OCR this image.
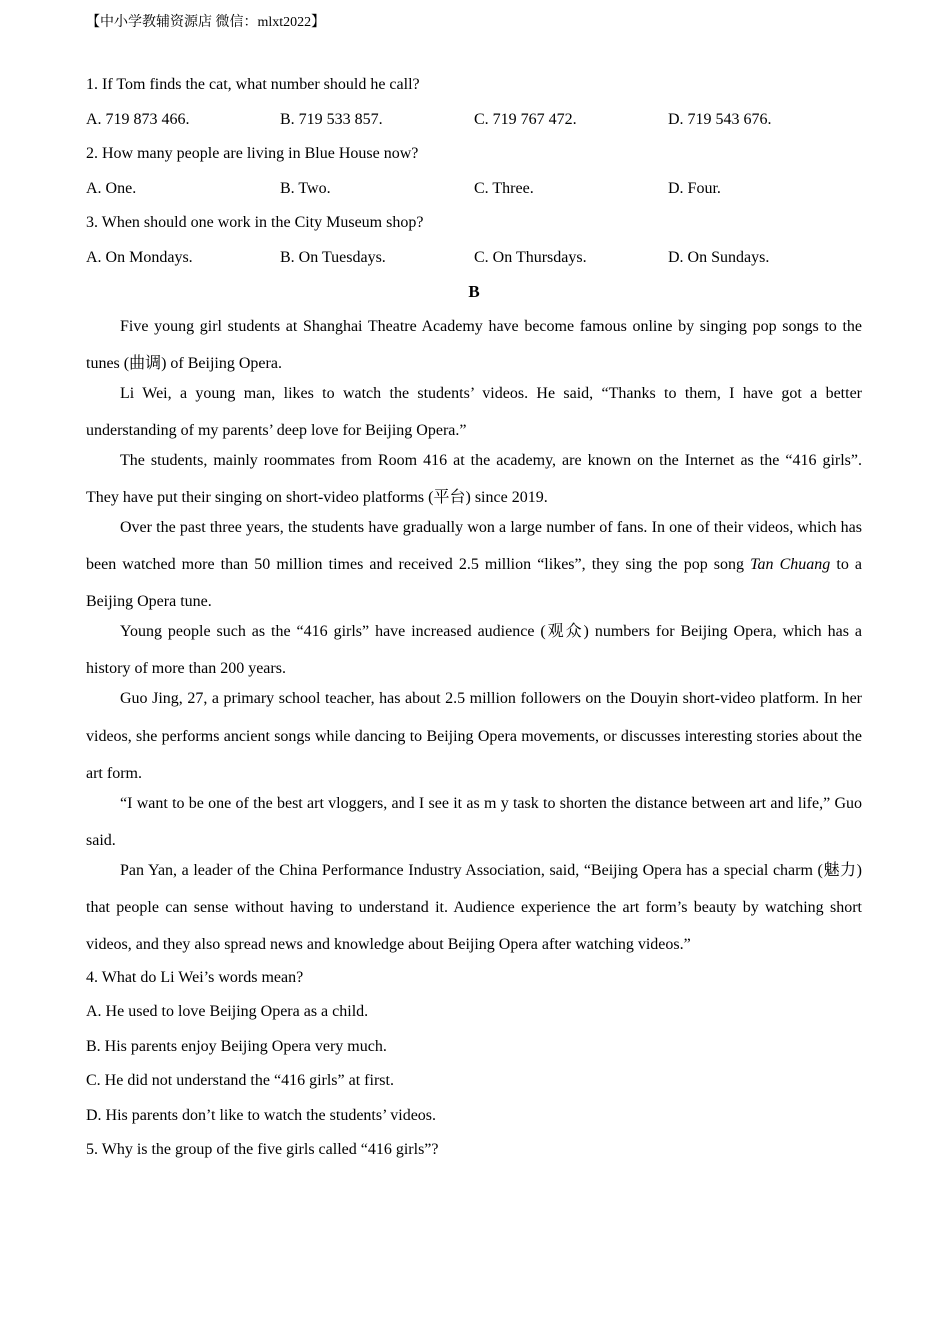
【中小学教辅资源店 微信：mlxt2022】
1. If Tom finds the cat, what number should he call?
A. 719 873 466.	B. 719 533 857.	C. 719 767 472.	D. 719 543 676.
2. How many people are living in Blue House now?
A. One.	B. Two.	C. Three.	D. Four.
3. When should one work in the City Museum shop?
A. On Mondays.	B. On Tuesdays.	C. On Thursdays.	D. On Sundays.
B

Five young girl students at Shanghai Theatre Academy have become famous online by singing pop songs to the tunes (曲调) of Beijing Opera.

Li Wei, a young man, likes to watch the students’ videos. He said, “Thanks to them, I have got a better understanding of my parents’ deep love for Beijing Opera.”

The students, mainly roommates from Room 416 at the academy, are known on the Internet as the “416 girls”. They have put their singing on short-video platforms (平台) since 2019.

Over the past three years, the students have gradually won a large number of fans. In one of their videos, which has been watched more than 50 million times and received 2.5 million “likes”, they sing the pop song Tan Chuang to a Beijing Opera tune.

Young people such as the “416 girls” have increased audience (观众) numbers for Beijing Opera, which has a history of more than 200 years.

Guo Jing, 27, a primary school teacher, has about 2.5 million followers on the Douyin short-video platform. In her videos, she performs ancient songs while dancing to Beijing Opera movements, or discusses interesting stories about the art form.

“I want to be one of the best art vloggers, and I see it as m y task to shorten the distance between art and life,” Guo said.

Pan Yan, a leader of the China Performance Industry Association, said, “Beijing Opera has a special charm (魅力) that people can sense without having to understand it. Audience experience the art form’s beauty by watching short videos, and they also spread news and knowledge about Beijing Opera after watching videos.”

4. What do Li Wei’s words mean?
A. He used to love Beijing Opera as a child.
B. His parents enjoy Beijing Opera very much.
C. He did not understand the “416 girls” at first.
D. His parents don’t like to watch the students’ videos.
5. Why is the group of the five girls called “416 girls”?
